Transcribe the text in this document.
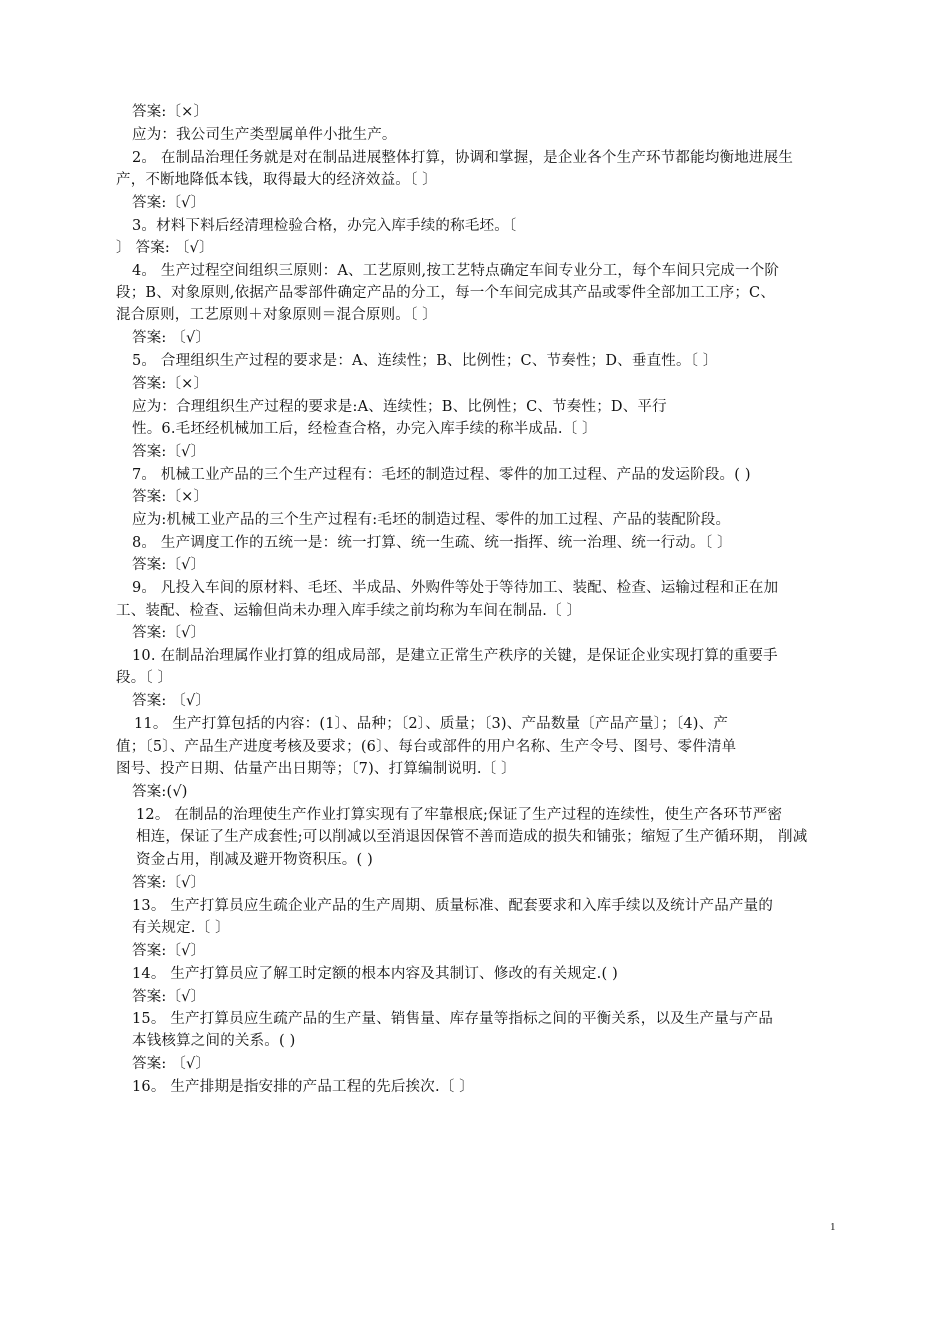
答案:〔×〕
应为：我公司生产类型属单件小批生产。
2。 在制品治理任务就是对在制品进展整体打算，协调和掌握，是企业各个生产环节都能均衡地进展生
产，不断地降低本钱，取得最大的经济效益。〔 〕
答案:〔√〕
3。材料下料后经清理检验合格，办完入库手续的称毛坯。〔
〕 答案: 〔√〕
4。 生产过程空间组织三原则：A、工艺原则,按工艺特点确定车间专业分工，每个车间只完成一个阶
段；B、对象原则,依据产品零部件确定产品的分工，每一个车间完成其产品或零件全部加工工序；C、
混合原则，工艺原则＋对象原则＝混合原则。〔 〕
答案: 〔√〕
5。 合理组织生产过程的要求是：A、连续性；B、比例性；C、节奏性；D、垂直性。〔 〕
答案:〔×〕
应为：合理组织生产过程的要求是:A、连续性；B、比例性；C、节奏性；D、平行
性。6.毛坯经机械加工后，经检查合格，办完入库手续的称半成品.〔 〕
答案:〔√〕
7。 机械工业产品的三个生产过程有：毛坯的制造过程、零件的加工过程、产品的发运阶段。( )
答案:〔×〕
应为:机械工业产品的三个生产过程有:毛坯的制造过程、零件的加工过程、产品的装配阶段。
8。 生产调度工作的五统一是：统一打算、统一生疏、统一指挥、统一治理、统一行动。〔 〕
答案:〔√〕
9。 凡投入车间的原材料、毛坯、半成品、外购件等处于等待加工、装配、检查、运输过程和正在加
工、装配、检查、运输但尚未办理入库手续之前均称为车间在制品.〔 〕
答案:〔√〕
10. 在制品治理属作业打算的组成局部，是建立正常生产秩序的关键，是保证企业实现打算的重要手
段。〔 〕
答案: 〔√〕
11。 生产打算包括的内容：(1〕、品种；〔2〕、质量；〔3)、产品数量〔产品产量〕；〔4)、产
值；〔5〕、产品生产进度考核及要求；(6〕、每台或部件的用户名称、生产令号、图号、零件清单
图号、投产日期、估量产出日期等；〔7)、打算编制说明.〔 〕
答案:(√)
12。 在制品的治理使生产作业打算实现有了牢靠根底;保证了生产过程的连续性，使生产各环节严密
相连，保证了生产成套性;可以削减以至消退因保管不善而造成的损失和铺张；缩短了生产循环期， 削减
资金占用，削减及避开物资积压。( )
答案:〔√〕
13。 生产打算员应生疏企业产品的生产周期、质量标准、配套要求和入库手续以及统计产品产量的
有关规定.〔 〕
答案:〔√〕
14。 生产打算员应了解工时定额的根本内容及其制订、修改的有关规定.( )
答案:〔√〕
15。 生产打算员应生疏产品的生产量、销售量、库存量等指标之间的平衡关系，以及生产量与产品
本钱核算之间的关系。( )
答案: 〔√〕
16。 生产排期是指安排的产品工程的先后挨次.〔 〕
1
